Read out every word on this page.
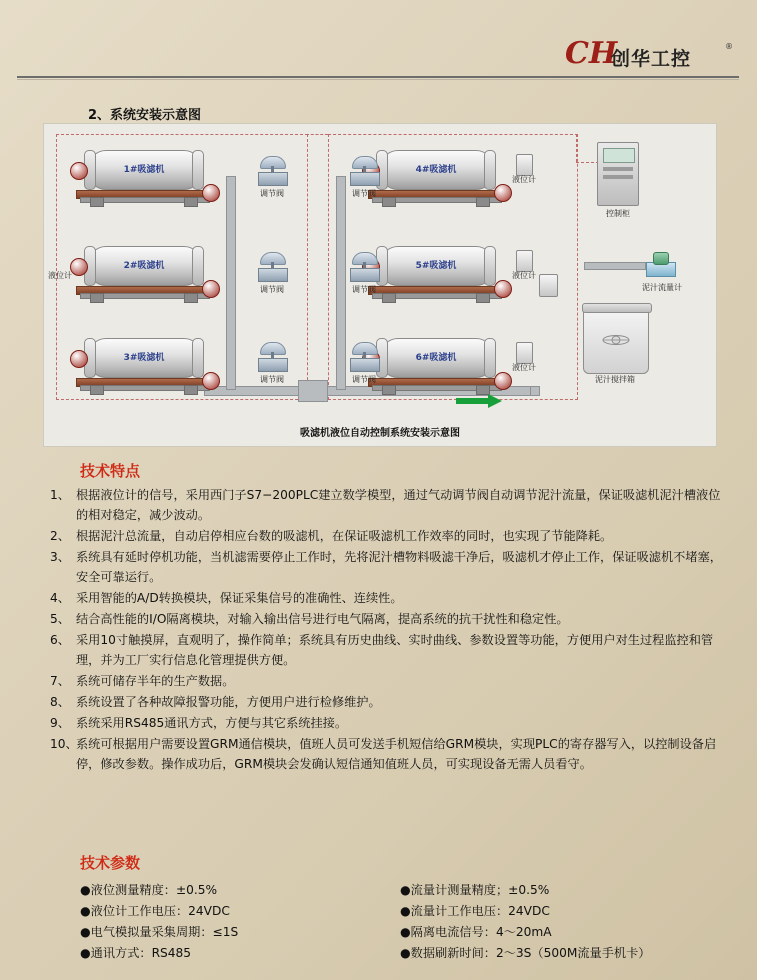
CH
创华工控
®
2、系统安装示意图
1#吸滤机
2#吸滤机
3#吸滤机
4#吸滤机
5#吸滤机
6#吸滤机
调节阀
调节阀
调节阀
调节阀
调节阀
调节阀
液位计
液位计
液位计
控制柜
泥汁搅拌箱
泥汁流量计
液位计
吸滤机液位自动控制系统安装示意图
技术特点
1、 根据液位计的信号，采用西门子S7−200PLC建立数学模型，通过气动调节阀自动调节泥汁流量，保证吸滤机泥汁槽液位的相对稳定，减少波动。
2、 根据泥汁总流量，自动启停相应台数的吸滤机，在保证吸滤机工作效率的同时，也实现了节能降耗。
3、 系统具有延时停机功能，当机滤需要停止工作时，先将泥汁槽物料吸滤干净后，吸滤机才停止工作，保证吸滤机不堵塞，安全可靠运行。
4、 采用智能的A/D转换模块，保证采集信号的准确性、连续性。
5、 结合高性能的I/O隔离模块，对输入输出信号进行电气隔离，提高系统的抗干扰性和稳定性。
6、 采用10寸触摸屏，直观明了，操作简单；系统具有历史曲线、实时曲线、参数设置等功能，方便用户对生过程监控和管理，并为工厂实行信息化管理提供方便。
7、 系统可储存半年的生产数据。
8、 系统设置了各种故障报警功能，方便用户进行检修维护。
9、 系统采用RS485通讯方式，方便与其它系统挂接。
10、
系统可根据用户需要设置GRM通信模块，值班人员可发送手机短信给GRM模块，实现PLC的寄存器写入，以控制设备启停，修改参数。操作成功后，GRM模块会发确认短信通知值班人员，可实现设备无需人员看守。
技术参数
●液位测量精度：±0.5%	●流量计测量精度；±0.5%
●液位计工作电压：24VDC	●流量计工作电压：24VDC
●电气模拟量采集周期：≤1S	●隔离电流信号：4～20mA
●通讯方式：RS485	●数据刷新时间：2～3S（500M流量手机卡）
